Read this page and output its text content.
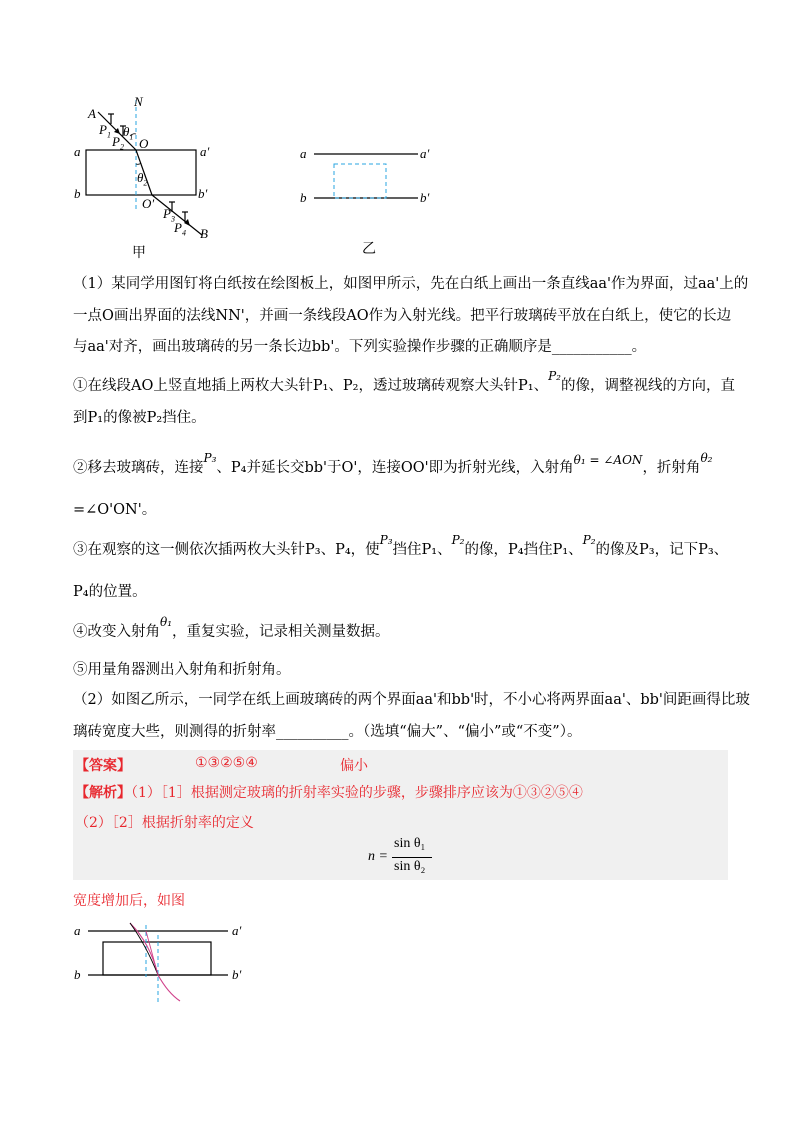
A
N
$P_1$ $P_2$
$\theta_1$ O
a	a′
b	b′
$\theta_2$
O′
$P_3$
$P_4$ B
甲
a	a′
b	b′
乙
（1）某同学用图钉将白纸按在绘图板上，如图甲所示，先在白纸上画出一条直线aa'作为界面，过aa'上的
一点O画出界面的法线NN'，并画一条线段AO作为入射光线。把平行玻璃砖平放在白纸上，使它的长边
与aa'对齐，画出玻璃砖的另一条长边bb'。下列实验操作步骤的正确顺序是___________。
①在线段AO上竖直地插上两枚大头针P₁、P₂，透过玻璃砖观察大头针P₁、$^{P_2}$的像，调整视线的方向，直
到P₁的像被P₂挡住。
②移去玻璃砖，连接$^{P_3}$、P₄并延长交bb'于O'，连接OO'即为折射光线，入射角$^{\theta_1 = \angle AON}$，折射角$^{\theta_2}$
=∠O'ON'。
③在观察的这一侧依次插两枚大头针P₃、P₄，使$^{P_3}$挡住P₁、$^{P_2}$的像，P₄挡住P₁、$^{P_2}$的像及P₃，记下P₃、
P₄的位置。
④改变入射角$^{\theta_1}$，重复实验，记录相关测量数据。
⑤用量角器测出入射角和折射角。
（2）如图乙所示，一同学在纸上画玻璃砖的两个界面aa'和bb'时，不小心将两界面aa'、bb'间距画得比玻
璃砖宽度大些，则测得的折射率__________。（选填“偏大”、“偏小”或“不变”）。
【答案】	①③②⑤④	偏小
【解析】（1）［1］根据测定玻璃的折射率实验的步骤，步骤排序应该为①③②⑤④
（2）［2］根据折射率的定义
n =
sin θ₁
sin θ₂
宽度增加后，如图
a	a′
b	b′
